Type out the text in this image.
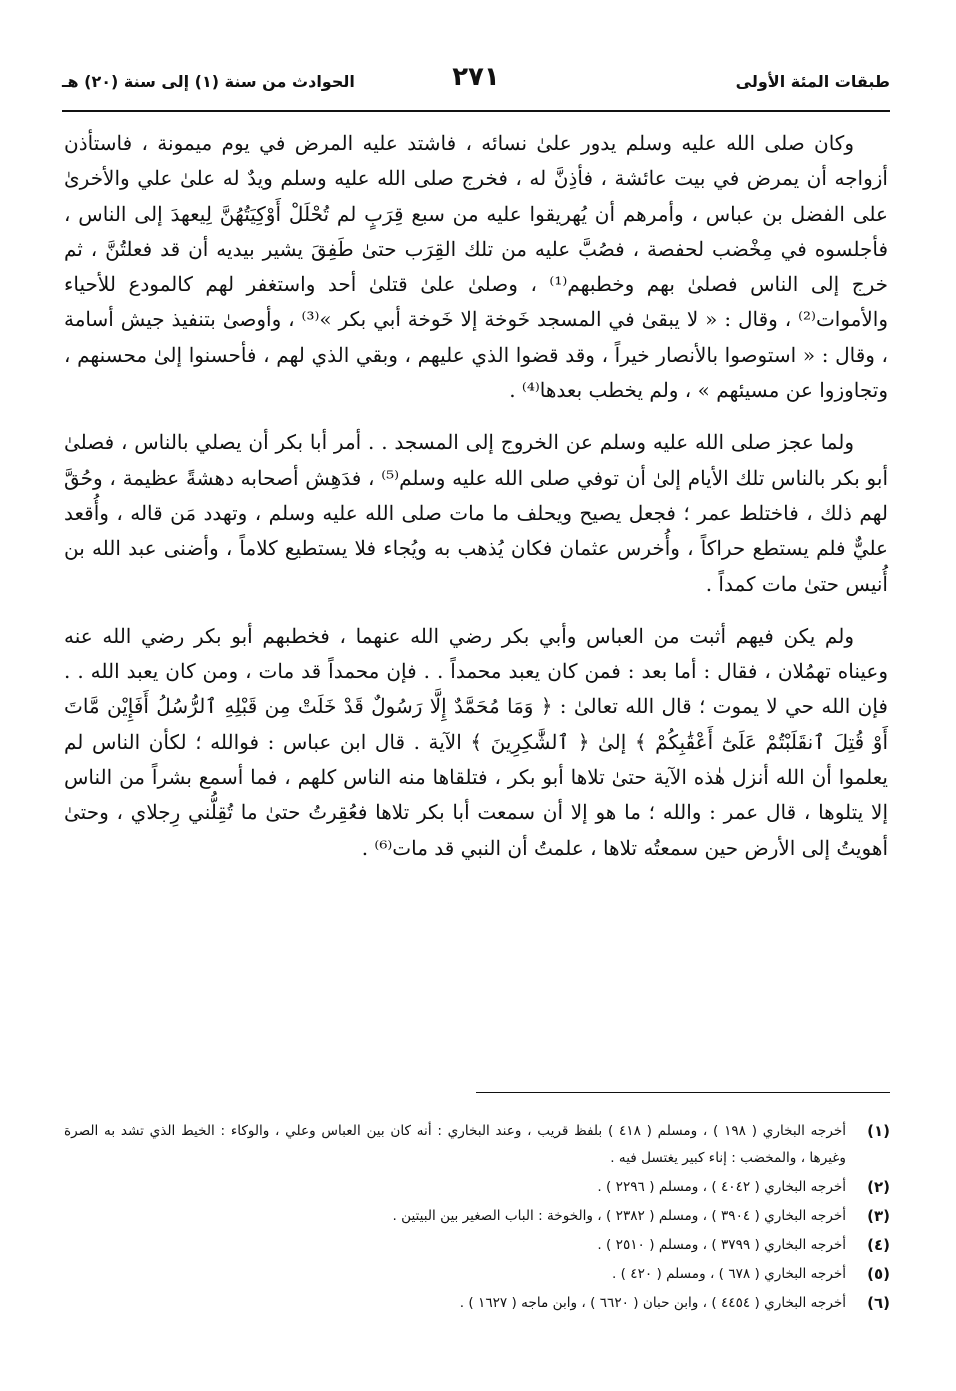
طبقات المئة الأولى
٢٧١
الحوادث من سنة (١) إلى سنة (٢٠) هـ

وكان صلى الله عليه وسلم يدور علىٰ نسائه ، فاشتد عليه المرض في يوم ميمونة ، فاستأذن أزواجه أن يمرض في بيت عائشة ، فأذِنَّ له ، فخرج صلى الله عليه وسلم ويدٌ له علىٰ علي والأخرىٰ على الفضل بن عباس ، وأمرهم أن يُهريقوا عليه من سبع قِرَبٍ لم تُحْلَلْ أَوْكِيَتُهُنَّ لِيعهدَ إلى الناس ، فأجلسوه في مِخْضب لحفصة ، فصُبَّ عليه من تلك القِرَب حتىٰ طَفِقَ يشير بيديه أن قد فعلتُنَّ ، ثم خرج إلى الناس فصلىٰ بهم وخطبهم⁽¹⁾ ، وصلىٰ علىٰ قتلىٰ أحد واستغفر لهم كالمودع للأحياء والأموات⁽²⁾ ، وقال : « لا يبقىٰ في المسجد خَوخة إلا خَوخة أبي بكر »⁽³⁾ ، وأوصىٰ بتنفيذ جيش أسامة ، وقال : « استوصوا بالأنصار خيراً ، وقد قضوا الذي عليهم ، وبقي الذي لهم ، فأحسنوا إلىٰ محسنهم ، وتجاوزوا عن مسيئهم » ، ولم يخطب بعدها⁽⁴⁾ .

ولما عجز صلى الله عليه وسلم عن الخروج إلى المسجد . . أمر أبا بكر أن يصلي بالناس ، فصلىٰ أبو بكر بالناس تلك الأيام إلىٰ أن توفي صلى الله عليه وسلم⁽⁵⁾ ، فدَهِش أصحابه دهشةً عظيمة ، وحُقَّ لهم ذلك ، فاختلط عمر ؛ فجعل يصيح ويحلف ما مات صلى الله عليه وسلم ، وتهدد مَن قاله ، وأُقعد عليٌّ فلم يستطع حراكاً ، وأُخرس عثمان فكان يُذهب به ويُجاء فلا يستطيع كلاماً ، وأضنى عبد الله بن أُنيس حتىٰ مات كمداً .

ولم يكن فيهم أثبت من العباس وأبي بكر رضي الله عنهما ، فخطبهم أبو بكر رضي الله عنه وعيناه تهمُلان ، فقال : أما بعد : فمن كان يعبد محمداً . . فإن محمداً قد مات ، ومن كان يعبد الله . . فإن الله حي لا يموت ؛ قال الله تعالىٰ : ﴿ وَمَا مُحَمَّدٌ إِلَّا رَسُولٌ قَدْ خَلَتْ مِن قَبْلِهِ ٱلرُّسُلُ أَفَإِيْن مَّاتَ أَوْ قُتِلَ ٱنقَلَبْتُمْ عَلَىٰٓ أَعْقَٰبِكُمْ ﴾ إلىٰ ﴿ ٱلشَّٰكِرِينَ ﴾ الآية . قال ابن عباس : فوالله ؛ لكأن الناس لم يعلموا أن الله أنزل هٰذه الآية حتىٰ تلاها أبو بكر ، فتلقاها منه الناس كلهم ، فما أسمع بشراً من الناس إلا يتلوها ، قال عمر : والله ؛ ما هو إلا أن سمعت أبا بكر تلاها فعُقِرتُ حتىٰ ما تُقِلُّني رِجلاي ، وحتىٰ أهويتُ إلى الأرض حين سمعتُه تلاها ، علمتُ أن النبي قد مات⁽⁶⁾ .

(١)
أخرجه البخاري ( ١٩٨ ) ، ومسلم ( ٤١٨ ) بلفظ قريب ، وعند البخاري : أنه كان بين العباس وعلي ، والوكاء : الخيط الذي تشد به الصرة وغيرها ، والمخضب : إناء كبير يغتسل فيه .
(٢)
أخرجه البخاري ( ٤٠٤٢ ) ، ومسلم ( ٢٢٩٦ ) .
(٣)
أخرجه البخاري ( ٣٩٠٤ ) ، ومسلم ( ٢٣٨٢ ) ، والخوخة : الباب الصغير بين البيتين .
(٤)
أخرجه البخاري ( ٣٧٩٩ ) ، ومسلم ( ٢٥١٠ ) .
(٥)
أخرجه البخاري ( ٦٧٨ ) ، ومسلم ( ٤٢٠ ) .
(٦)
أخرجه البخاري ( ٤٤٥٤ ) ، وابن حبان ( ٦٦٢٠ ) ، وابن ماجه ( ١٦٢٧ ) .
